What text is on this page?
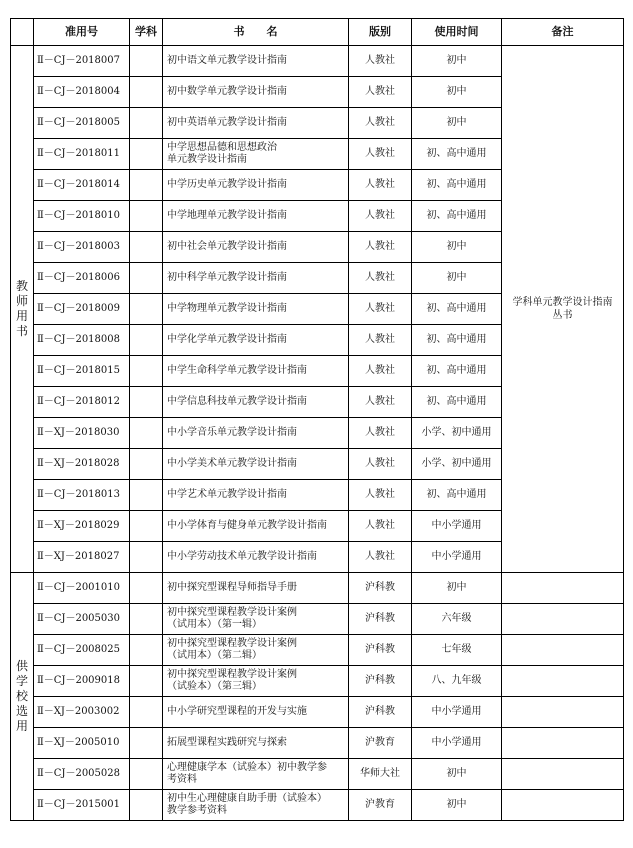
	准用号	学科	书　　名	版别	使用时间	备注

教
师
用
书	Ⅱ－CJ－2018007		初中语文单元教学设计指南	人教社	初中	学科单元教学设计指南丛书
	Ⅱ－CJ－2018004		初中数学单元教学设计指南	人教社	初中	
	Ⅱ－CJ－2018005		初中英语单元教学设计指南	人教社	初中	
	Ⅱ－CJ－2018011		中学思想品德和思想政治
单元教学设计指南	人教社	初、高中通用	
	Ⅱ－CJ－2018014		中学历史单元教学设计指南	人教社	初、高中通用	
	Ⅱ－CJ－2018010		中学地理单元教学设计指南	人教社	初、高中通用	
	Ⅱ－CJ－2018003		初中社会单元教学设计指南	人教社	初中	
	Ⅱ－CJ－2018006		初中科学单元教学设计指南	人教社	初中	
	Ⅱ－CJ－2018009		中学物理单元教学设计指南	人教社	初、高中通用	
	Ⅱ－CJ－2018008		中学化学单元教学设计指南	人教社	初、高中通用	
	Ⅱ－CJ－2018015		中学生命科学单元教学设计指南	人教社	初、高中通用	
	Ⅱ－CJ－2018012		中学信息科技单元教学设计指南	人教社	初、高中通用	
	Ⅱ－XJ－2018030		中小学音乐单元教学设计指南	人教社	小学、初中通用	
	Ⅱ－XJ－2018028		中小学美术单元教学设计指南	人教社	小学、初中通用	
	Ⅱ－CJ－2018013		中学艺术单元教学设计指南	人教社	初、高中通用	
	Ⅱ－XJ－2018029		中小学体育与健身单元教学设计指南	人教社	中小学通用	
	Ⅱ－XJ－2018027		中小学劳动技术单元教学设计指南	人教社	中小学通用	

供
学
校
选
用	Ⅱ－CJ－2001010		初中探究型课程导师指导手册	沪科教	初中	
	Ⅱ－CJ－2005030		初中探究型课程教学设计案例
（试用本）（第一辑）	沪科教	六年级	
	Ⅱ－CJ－2008025		初中探究型课程教学设计案例
（试用本）（第二辑）	沪科教	七年级	
	Ⅱ－CJ－2009018		初中探究型课程教学设计案例
（试验本）（第三辑）	沪科教	八、九年级	
	Ⅱ－XJ－2003002		中小学研究型课程的开发与实施	沪科教	中小学通用	
	Ⅱ－XJ－2005010		拓展型课程实践研究与探索	沪教育	中小学通用	
	Ⅱ－CJ－2005028		心理健康学本（试验本）初中教学参
考资料	华师大社	初中	
	Ⅱ－CJ－2015001		初中生心理健康自助手册（试验本）
教学参考资料	沪教育	初中	
